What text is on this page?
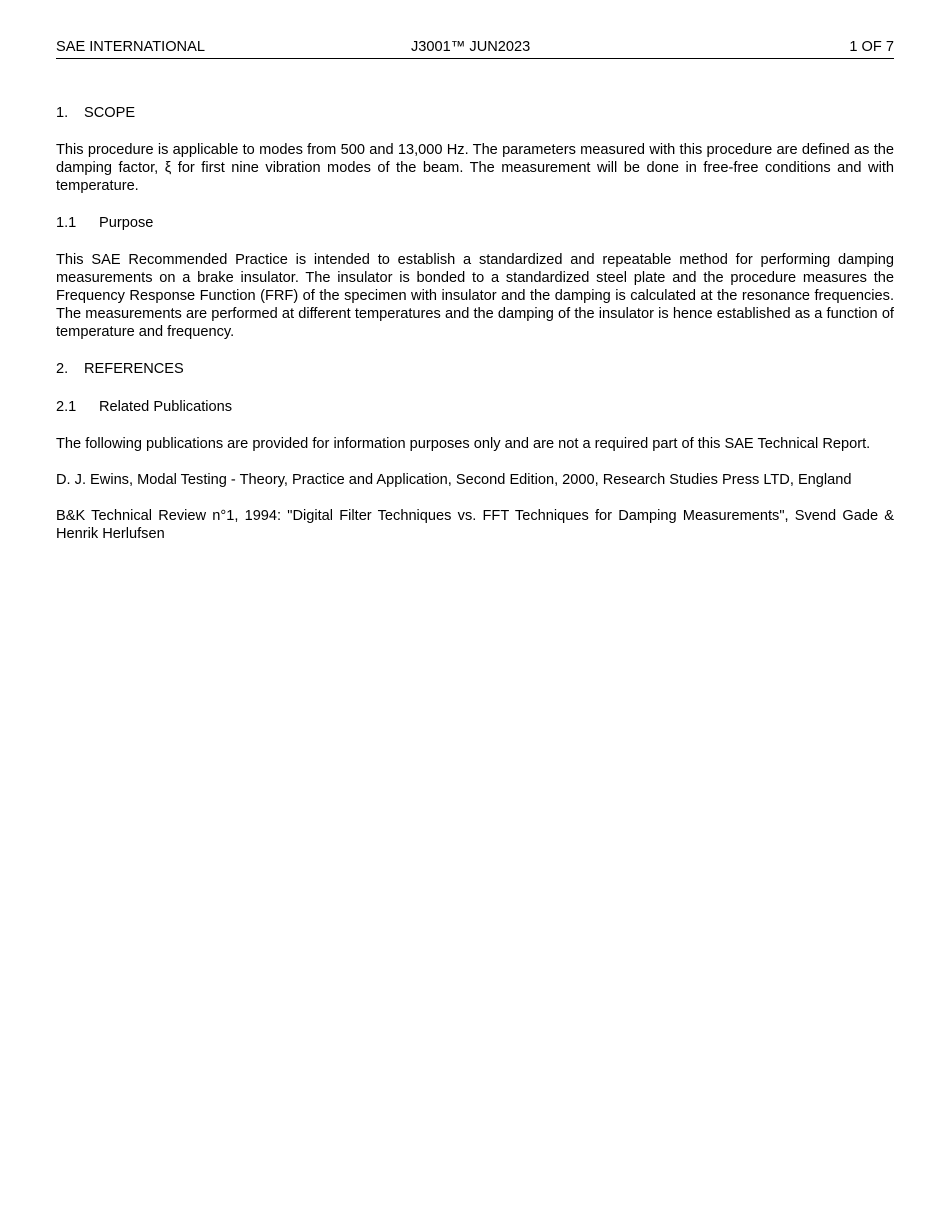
SAE INTERNATIONAL	J3001™ JUN2023	1 OF 7
1. SCOPE

This procedure is applicable to modes from 500 and 13,000 Hz. The parameters measured with this procedure are defined as the damping factor, ξ for first nine vibration modes of the beam. The measurement will be done in free-free conditions and with temperature.

1.1 Purpose

This SAE Recommended Practice is intended to establish a standardized and repeatable method for performing damping measurements on a brake insulator. The insulator is bonded to a standardized steel plate and the procedure measures the Frequency Response Function (FRF) of the specimen with insulator and the damping is calculated at the resonance frequencies. The measurements are performed at different temperatures and the damping of the insulator is hence established as a function of temperature and frequency.

2. REFERENCES
2.1 Related Publications

The following publications are provided for information purposes only and are not a required part of this SAE Technical Report.

D. J. Ewins, Modal Testing - Theory, Practice and Application, Second Edition, 2000, Research Studies Press LTD, England

B&K Technical Review n°1, 1994: "Digital Filter Techniques vs. FFT Techniques for Damping Measurements", Svend Gade & Henrik Herlufsen
